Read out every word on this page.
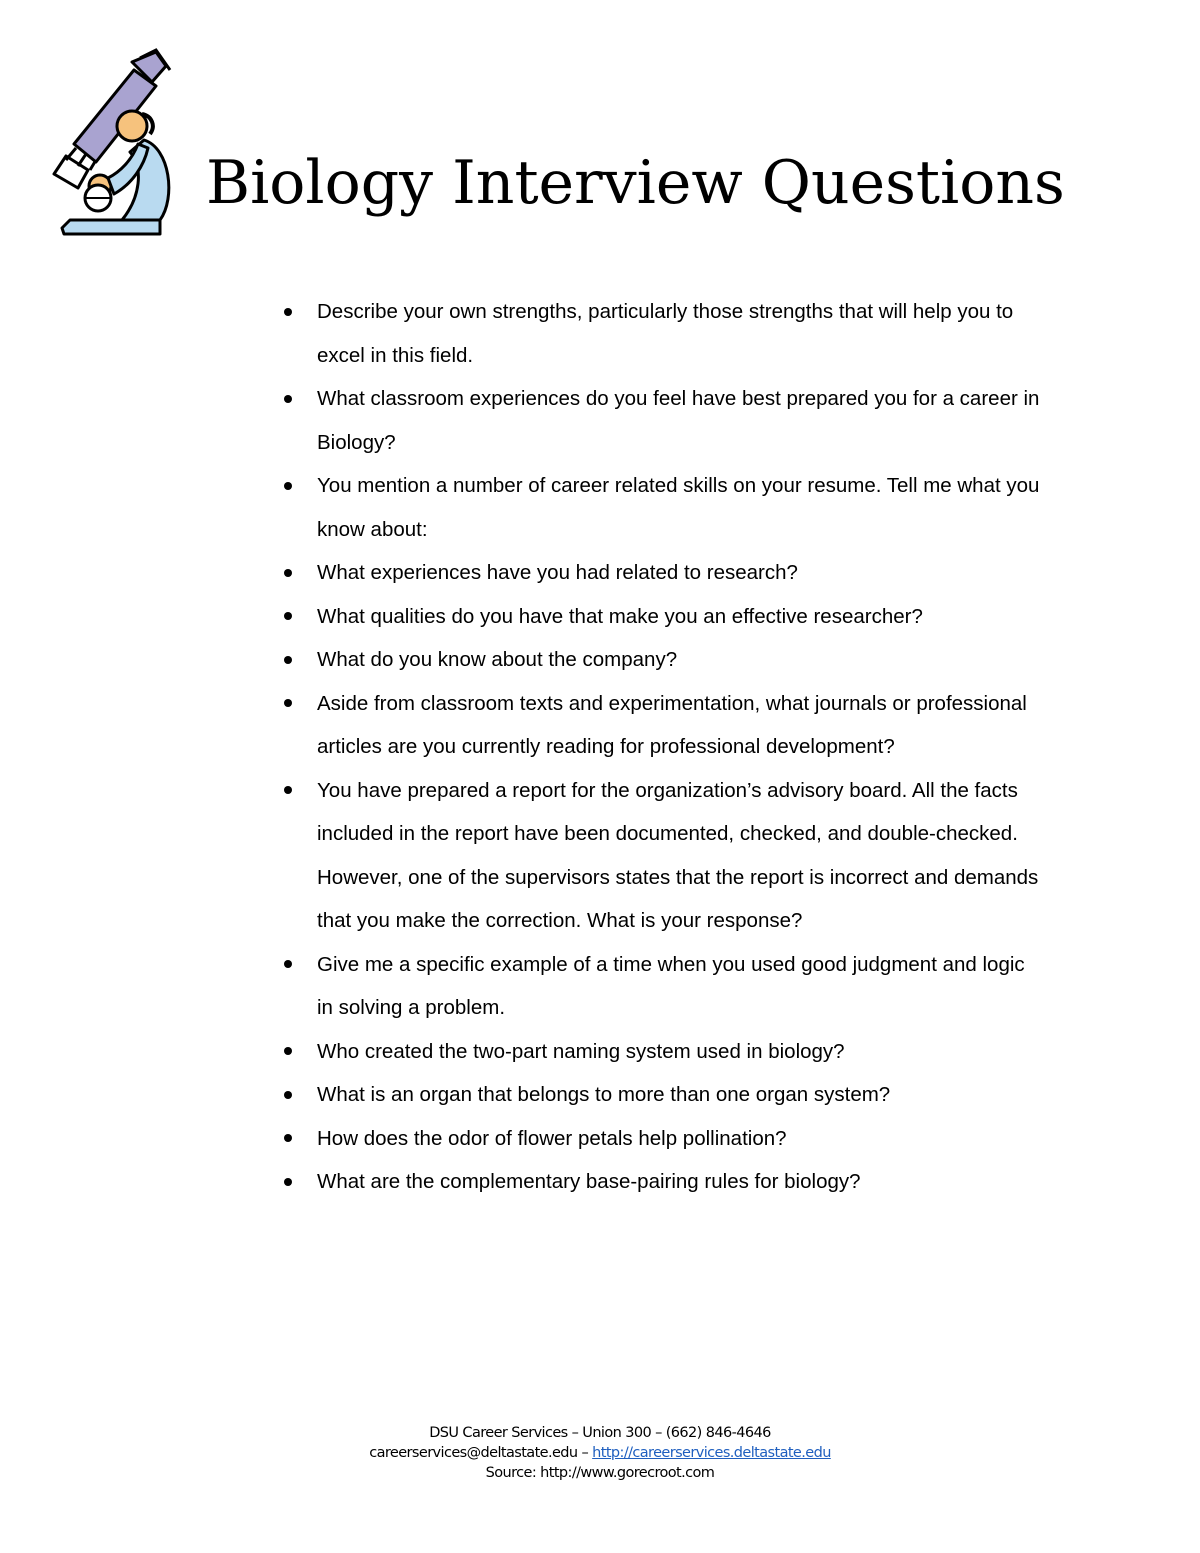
Biology Interview Questions
Describe your own strengths, particularly those strengths that will help you to excel in this field.
What classroom experiences do you feel have best prepared you for a career in Biology?
You mention a number of career related skills on your resume. Tell me what you know about:
What experiences have you had related to research?
What qualities do you have that make you an effective researcher?
What do you know about the company?
Aside from classroom texts and experimentation, what journals or professional articles are you currently reading for professional development?
You have prepared a report for the organization’s advisory board. All the facts included in the report have been documented, checked, and double-checked. However, one of the supervisors states that the report is incorrect and demands that you make the correction. What is your response?
Give me a specific example of a time when you used good judgment and logic in solving a problem.
Who created the two-part naming system used in biology?
What is an organ that belongs to more than one organ system?
How does the odor of flower petals help pollination?
What are the complementary base-pairing rules for biology?
DSU Career Services – Union 300 – (662) 846-4646
careerservices@deltastate.edu – http://careerservices.deltastate.edu
Source: http://www.gorecroot.com
